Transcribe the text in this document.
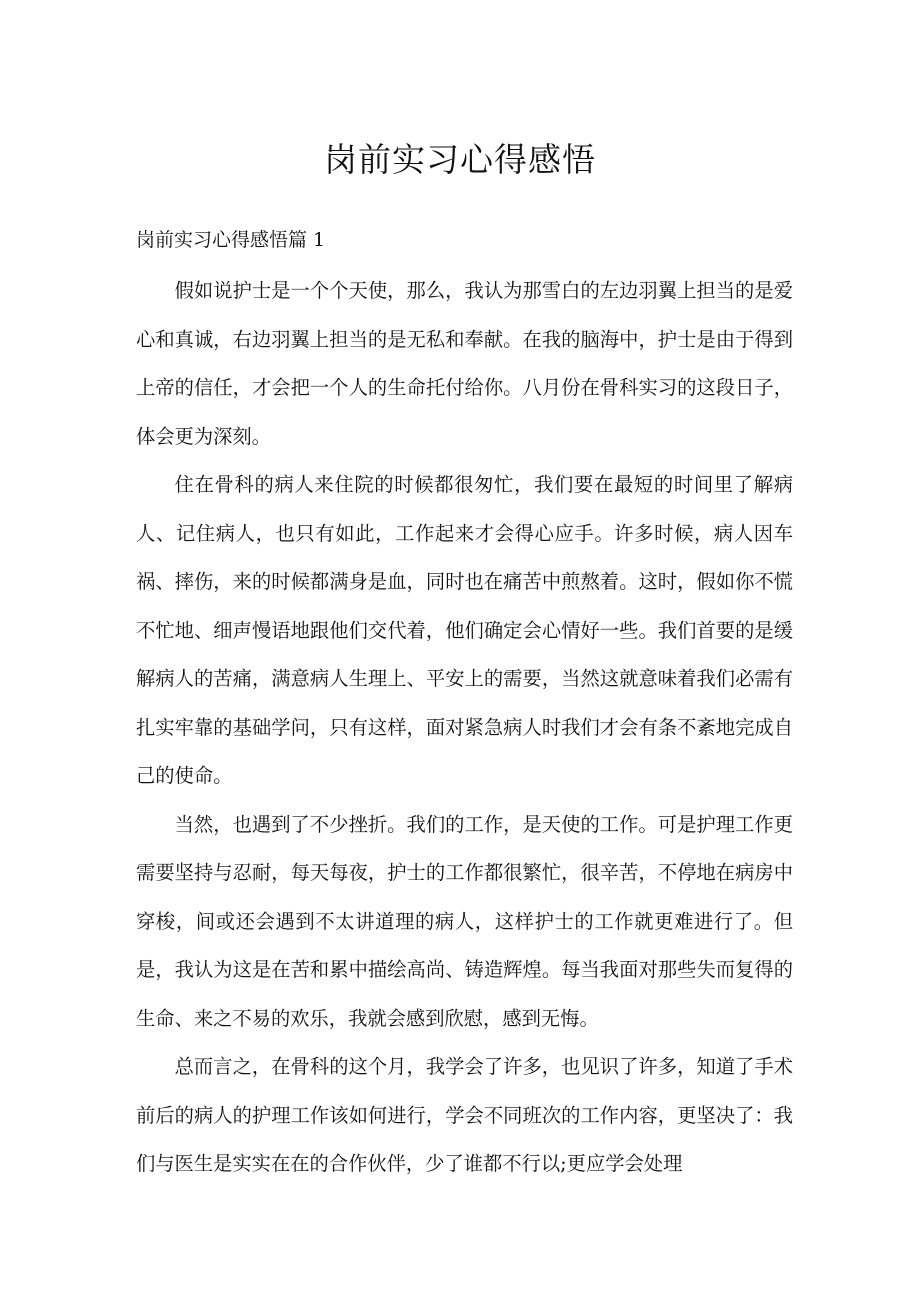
岗前实习心得感悟
岗前实习心得感悟篇 1

假如说护士是一个个天使，那么，我认为那雪白的左边羽翼上担当的是爱心和真诚，右边羽翼上担当的是无私和奉献。在我的脑海中，护士是由于得到上帝的信任，才会把一个人的生命托付给你。八月份在骨科实习的这段日子，体会更为深刻。

住在骨科的病人来住院的时候都很匆忙，我们要在最短的时间里了解病人、记住病人，也只有如此，工作起来才会得心应手。许多时候，病人因车祸、摔伤，来的时候都满身是血，同时也在痛苦中煎熬着。这时，假如你不慌不忙地、细声慢语地跟他们交代着，他们确定会心情好一些。我们首要的是缓解病人的苦痛，满意病人生理上、平安上的需要，当然这就意味着我们必需有扎实牢靠的基础学问，只有这样，面对紧急病人时我们才会有条不紊地完成自己的使命。

当然，也遇到了不少挫折。我们的工作，是天使的工作。可是护理工作更需要坚持与忍耐，每天每夜，护士的工作都很繁忙，很辛苦，不停地在病房中穿梭，间或还会遇到不太讲道理的病人，这样护士的工作就更难进行了。但是，我认为这是在苦和累中描绘高尚、铸造辉煌。每当我面对那些失而复得的生命、来之不易的欢乐，我就会感到欣慰，感到无悔。

总而言之，在骨科的这个月，我学会了许多，也见识了许多，知道了手术前后的病人的护理工作该如何进行，学会不同班次的工作内容，更坚决了：我们与医生是实实在在的合作伙伴，少了谁都不行以;更应学会处理
